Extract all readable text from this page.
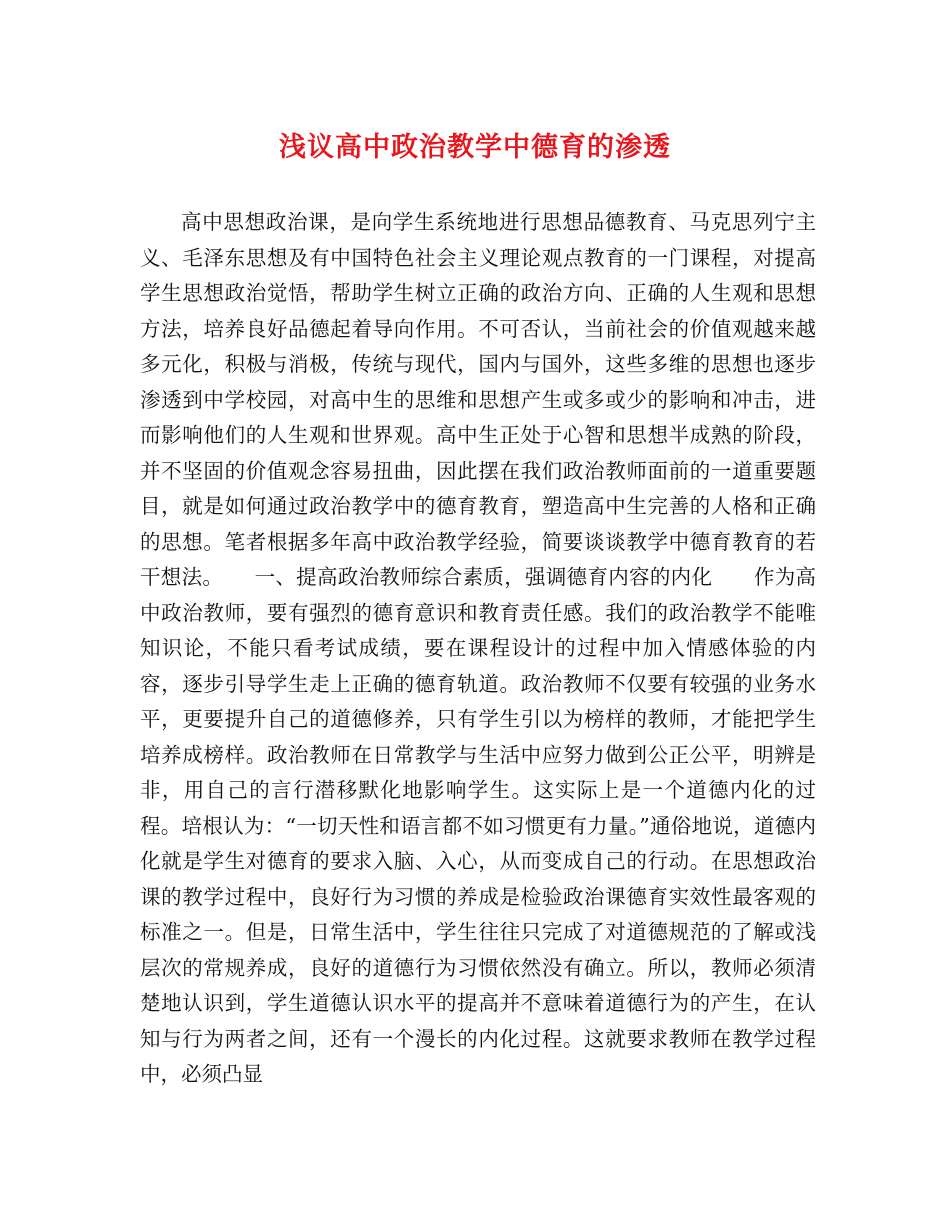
浅议高中政治教学中德育的渗透

高中思想政治课，是向学生系统地进行思想品德教育、马克思列宁主义、毛泽东思想及有中国特色社会主义理论观点教育的一门课程，对提高学生思想政治觉悟，帮助学生树立正确的政治方向、正确的人生观和思想方法，培养良好品德起着导向作用。不可否认，当前社会的价值观越来越多元化，积极与消极，传统与现代，国内与国外，这些多维的思想也逐步渗透到中学校园，对高中生的思维和思想产生或多或少的影响和冲击，进而影响他们的人生观和世界观。高中生正处于心智和思想半成熟的阶段，并不坚固的价值观念容易扭曲，因此摆在我们政治教师面前的一道重要题目，就是如何通过政治教学中的德育教育，塑造高中生完善的人格和正确的思想。笔者根据多年高中政治教学经验，简要谈谈教学中德育教育的若干想法。　　一、提高政治教师综合素质，强调德育内容的内化　　作为高中政治教师，要有强烈的德育意识和教育责任感。我们的政治教学不能唯知识论，不能只看考试成绩，要在课程设计的过程中加入情感体验的内容，逐步引导学生走上正确的德育轨道。政治教师不仅要有较强的业务水平，更要提升自己的道德修养，只有学生引以为榜样的教师，才能把学生培养成榜样。政治教师在日常教学与生活中应努力做到公正公平，明辨是非，用自己的言行潜移默化地影响学生。这实际上是一个道德内化的过程。培根认为：“一切天性和语言都不如习惯更有力量。”通俗地说，道德内化就是学生对德育的要求入脑、入心，从而变成自己的行动。在思想政治课的教学过程中，良好行为习惯的养成是检验政治课德育实效性最客观的标准之一。但是，日常生活中，学生往往只完成了对道德规范的了解或浅层次的常规养成，良好的道德行为习惯依然没有确立。所以，教师必须清楚地认识到，学生道德认识水平的提高并不意味着道德行为的产生，在认知与行为两者之间，还有一个漫长的内化过程。这就要求教师在教学过程中，必须凸显
